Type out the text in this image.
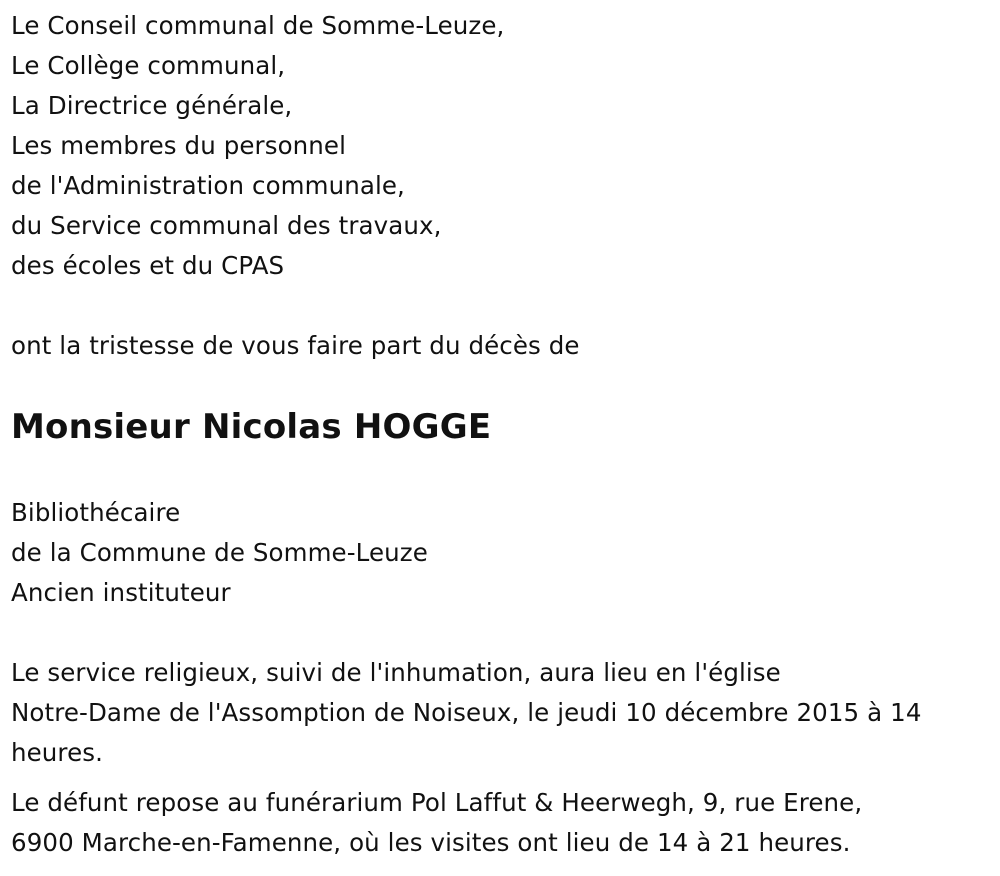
Le Conseil communal de Somme-Leuze,
Le Collège communal,
La Directrice générale,
Les membres du personnel
de l'Administration communale,
du Service communal des travaux,
des écoles et du CPAS
ont la tristesse de vous faire part du décès de
Monsieur Nicolas HOGGE
Bibliothécaire
de la Commune de Somme-Leuze
Ancien instituteur
Le service religieux, suivi de l'inhumation, aura lieu en l'église
Notre-Dame de l'Assomption de Noiseux, le jeudi 10 décembre 2015 à 14
heures.
Le défunt repose au funérarium Pol Laffut & Heerwegh, 9, rue Erene,
6900 Marche-en-Famenne, où les visites ont lieu de 14 à 21 heures.
